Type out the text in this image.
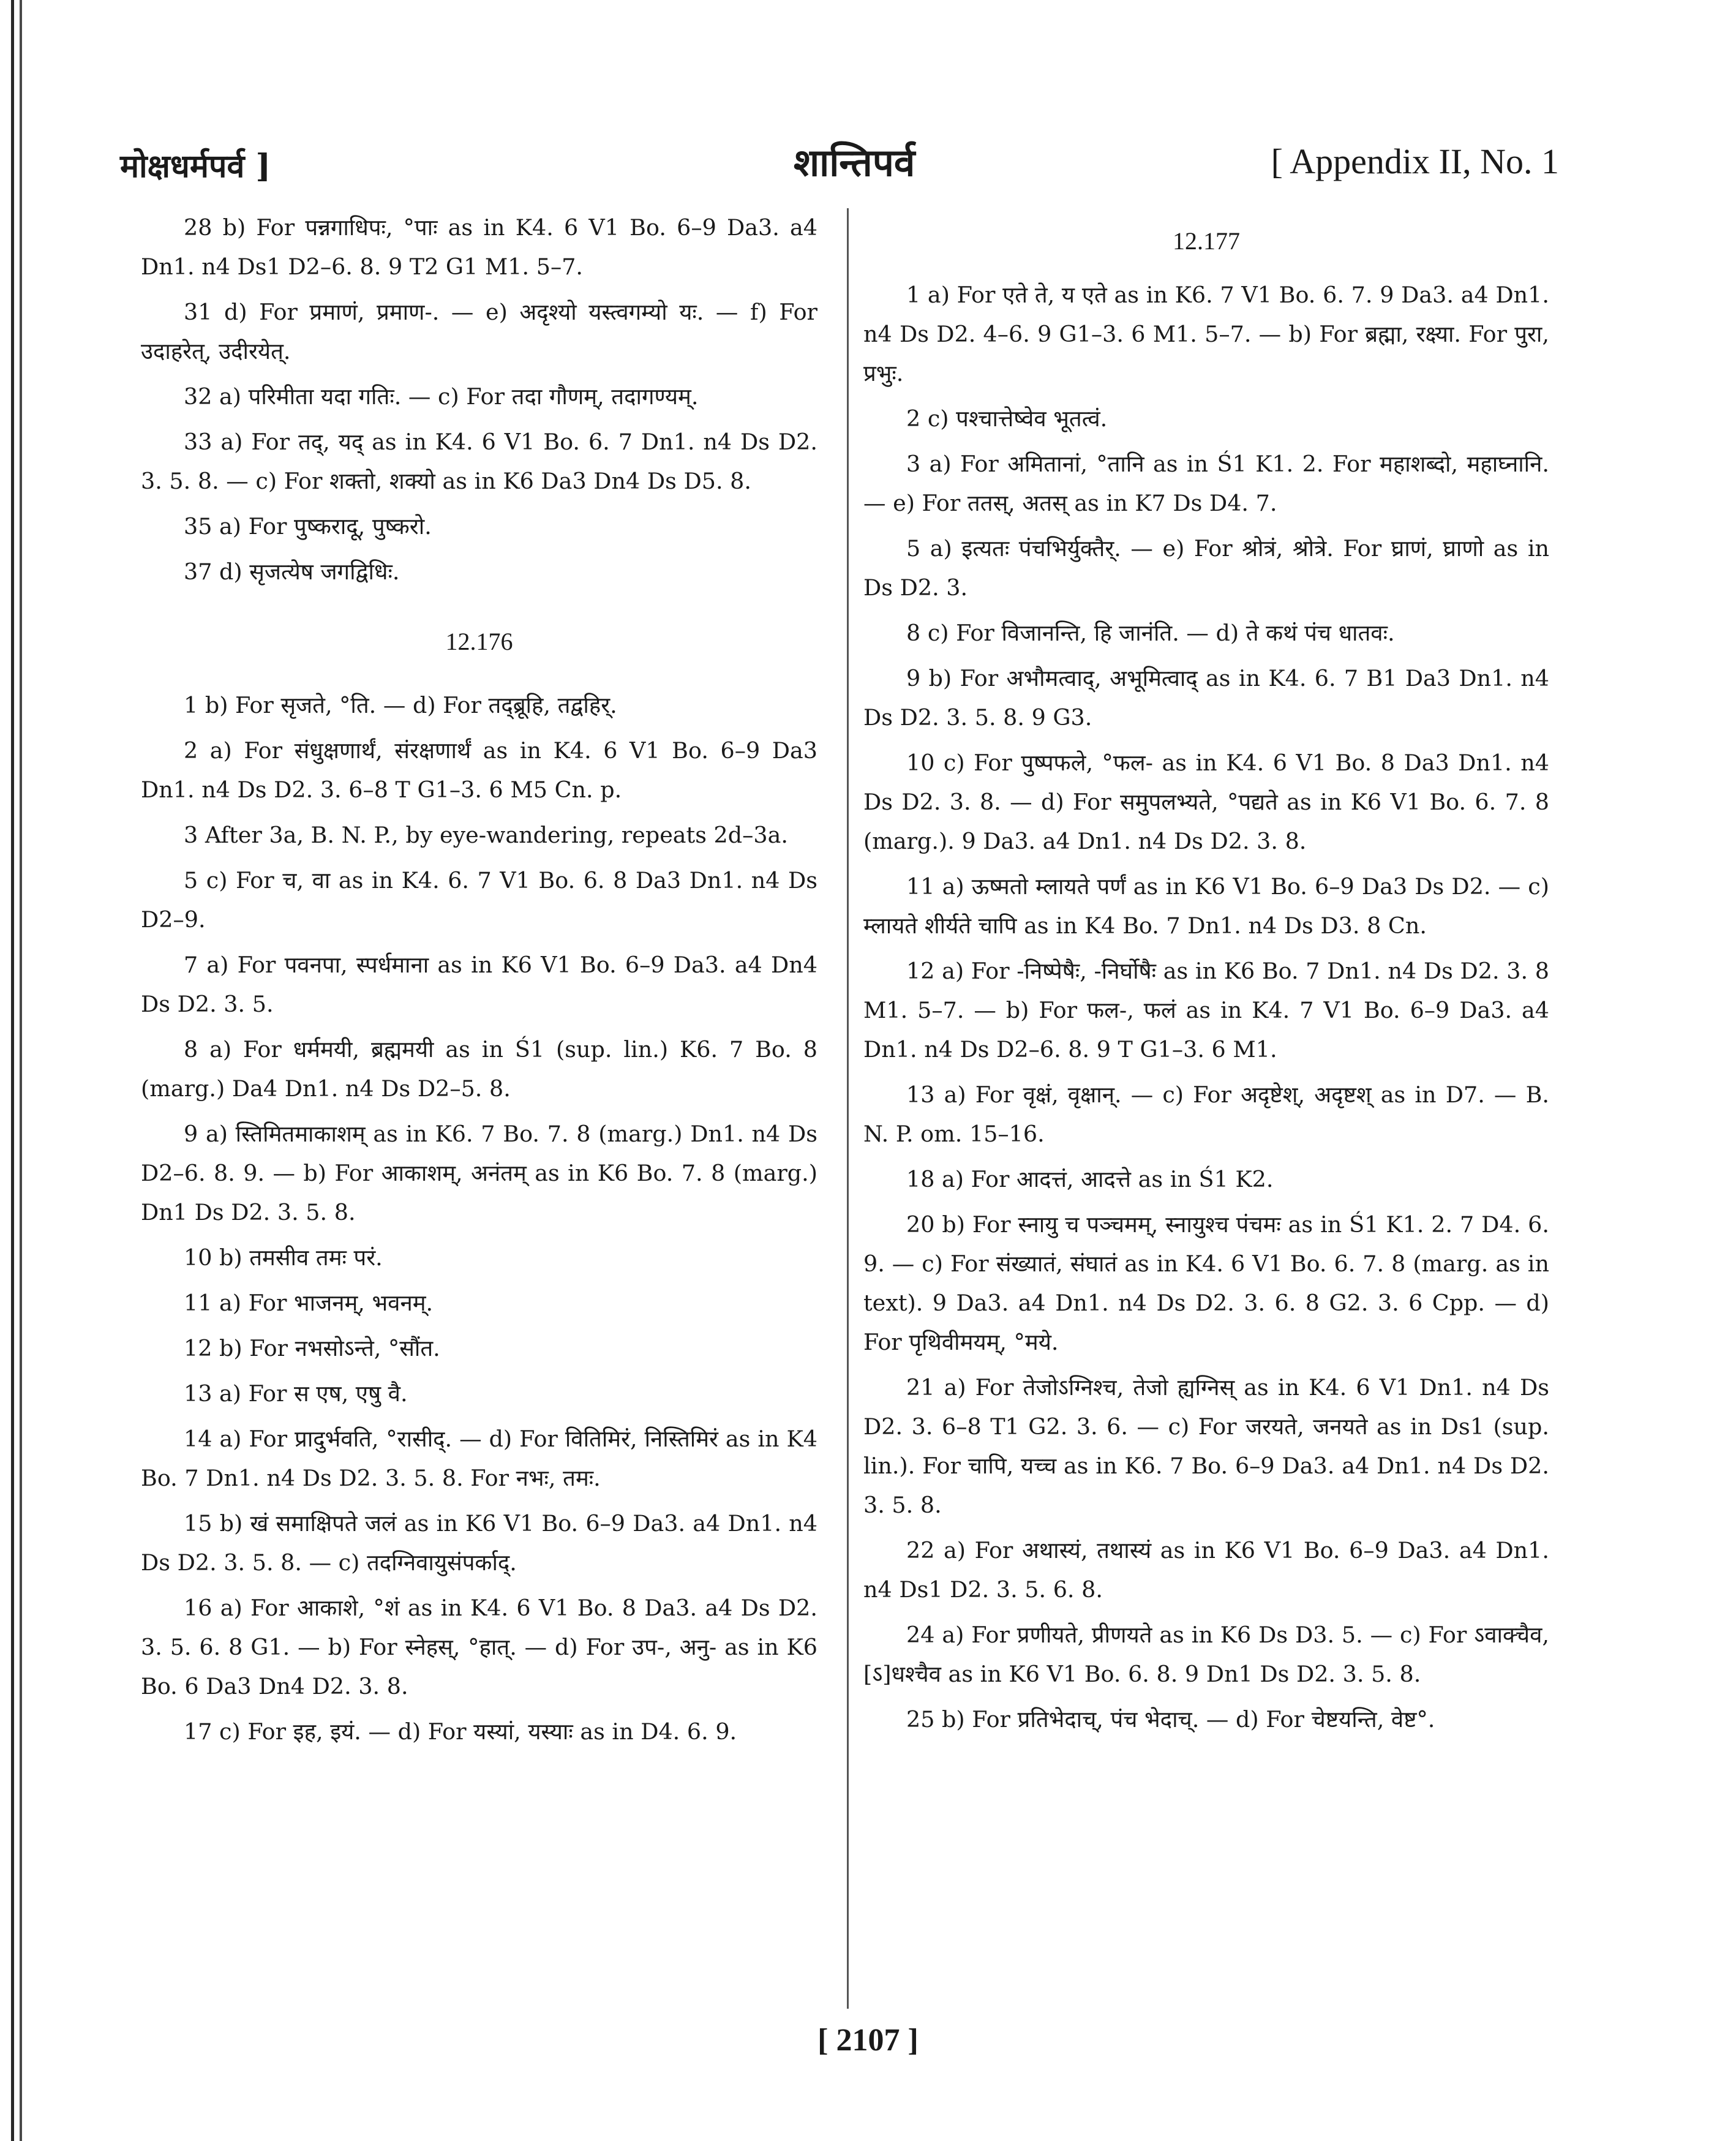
मोक्षधर्मपर्व ]	शान्तिपर्व	[ Appendix II, No. 1

28 b) For पन्नगाधिपः, °पाः as in K4. 6 V1 Bo. 6–9 Da3. a4 Dn1. n4 Ds1 D2–6. 8. 9 T2 G1 M1. 5–7.

31 d) For प्रमाणं, प्रमाण-. — e) अदृश्यो यस्त्वगम्यो यः. — f) For उदाहरेत्, उदीरयेत्.

32 a) परिमीता यदा गतिः. — c) For तदा गौणम्, तदागण्यम्.

33 a) For तद्, यद् as in K4. 6 V1 Bo. 6. 7 Dn1. n4 Ds D2. 3. 5. 8. — c) For शक्तो, शक्यो as in K6 Da3 Dn4 Ds D5. 8.

35 a) For पुष्करादू, पुष्करो.

37 d) सृजत्येष जगद्विधिः.

12.176

1 b) For सृजते, °ति. — d) For तद्ब्रूहि, तद्वहिर्.

2 a) For संधुक्षणार्थं, संरक्षणार्थं as in K4. 6 V1 Bo. 6–9 Da3 Dn1. n4 Ds D2. 3. 6–8 T G1–3. 6 M5 Cn. p.

3 After 3a, B. N. P., by eye-wandering, repeats 2d–3a.

5 c) For च, वा as in K4. 6. 7 V1 Bo. 6. 8 Da3 Dn1. n4 Ds D2–9.

7 a) For पवनपा, स्पर्धमाना as in K6 V1 Bo. 6–9 Da3. a4 Dn4 Ds D2. 3. 5.

8 a) For धर्ममयी, ब्रह्ममयी as in Ś1 (sup. lin.) K6. 7 Bo. 8 (marg.) Da4 Dn1. n4 Ds D2–5. 8.

9 a) स्तिमितमाकाशम् as in K6. 7 Bo. 7. 8 (marg.) Dn1. n4 Ds D2–6. 8. 9. — b) For आकाशम्, अनंतम् as in K6 Bo. 7. 8 (marg.) Dn1 Ds D2. 3. 5. 8.

10 b) तमसीव तमः परं.

11 a) For भाजनम्, भवनम्.

12 b) For नभसोऽन्ते, °सौंत.

13 a) For स एष, एषु वै.

14 a) For प्रादुर्भवति, °रासीद्. — d) For वितिमिरं, निस्तिमिरं as in K4 Bo. 7 Dn1. n4 Ds D2. 3. 5. 8. For नभः, तमः.

15 b) खं समाक्षिपते जलं as in K6 V1 Bo. 6–9 Da3. a4 Dn1. n4 Ds D2. 3. 5. 8. — c) तदग्निवायुसंपर्काद्.

16 a) For आकाशे, °शं as in K4. 6 V1 Bo. 8 Da3. a4 Ds D2. 3. 5. 6. 8 G1. — b) For स्नेहस्, °हात्. — d) For उप-, अनु- as in K6 Bo. 6 Da3 Dn4 D2. 3. 8.

17 c) For इह, इयं. — d) For यस्यां, यस्याः as in D4. 6. 9.

12.177

1 a) For एते ते, य एते as in K6. 7 V1 Bo. 6. 7. 9 Da3. a4 Dn1. n4 Ds D2. 4–6. 9 G1–3. 6 M1. 5–7. — b) For ब्रह्मा, रक्ष्या. For पुरा, प्रभुः.

2 c) पश्चात्तेष्वेव भूतत्वं.

3 a) For अमितानां, °तानि as in Ś1 K1. 2. For महाशब्दो, महाघ्नानि. — e) For ततस्, अतस् as in K7 Ds D4. 7.

5 a) इत्यतः पंचभिर्युक्तैर्. — e) For श्रोत्रं, श्रोत्रे. For घ्राणं, घ्राणो as in Ds D2. 3.

8 c) For विजानन्ति, हि जानंति. — d) ते कथं पंच धातवः.

9 b) For अभौमत्वाद्, अभूमित्वाद् as in K4. 6. 7 B1 Da3 Dn1. n4 Ds D2. 3. 5. 8. 9 G3.

10 c) For पुष्पफले, °फल- as in K4. 6 V1 Bo. 8 Da3 Dn1. n4 Ds D2. 3. 8. — d) For समुपलभ्यते, °पद्यते as in K6 V1 Bo. 6. 7. 8 (marg.). 9 Da3. a4 Dn1. n4 Ds D2. 3. 8.

11 a) ऊष्मतो म्लायते पर्णं as in K6 V1 Bo. 6–9 Da3 Ds D2. — c) म्लायते शीर्यते चापि as in K4 Bo. 7 Dn1. n4 Ds D3. 8 Cn.

12 a) For -निष्पेषैः, -निर्घोषैः as in K6 Bo. 7 Dn1. n4 Ds D2. 3. 8 M1. 5–7. — b) For फल-, फलं as in K4. 7 V1 Bo. 6–9 Da3. a4 Dn1. n4 Ds D2–6. 8. 9 T G1–3. 6 M1.

13 a) For वृक्षं, वृक्षान्. — c) For अदृष्टेश्, अदृष्टश् as in D7. — B. N. P. om. 15–16.

18 a) For आदत्तं, आदत्ते as in Ś1 K2.

20 b) For स्नायु च पञ्चमम्, स्नायुश्च पंचमः as in Ś1 K1. 2. 7 D4. 6. 9. — c) For संख्यातं, संघातं as in K4. 6 V1 Bo. 6. 7. 8 (marg. as in text). 9 Da3. a4 Dn1. n4 Ds D2. 3. 6. 8 G2. 3. 6 Cpp. — d) For पृथिवीमयम्, °मये.

21 a) For तेजोऽग्निश्च, तेजो ह्यग्निस् as in K4. 6 V1 Dn1. n4 Ds D2. 3. 6–8 T1 G2. 3. 6. — c) For जरयते, जनयते as in Ds1 (sup. lin.). For चापि, यच्च as in K6. 7 Bo. 6–9 Da3. a4 Dn1. n4 Ds D2. 3. 5. 8.

22 a) For अथास्यं, तथास्यं as in K6 V1 Bo. 6–9 Da3. a4 Dn1. n4 Ds1 D2. 3. 5. 6. 8.

24 a) For प्रणीयते, प्रीणयते as in K6 Ds D3. 5. — c) For ऽवाक्चैव, [ऽ]धश्चैव as in K6 V1 Bo. 6. 8. 9 Dn1 Ds D2. 3. 5. 8.

25 b) For प्रतिभेदाच्, पंच भेदाच्. — d) For चेष्टयन्ति, वेष्ट°.

[ 2107 ]
